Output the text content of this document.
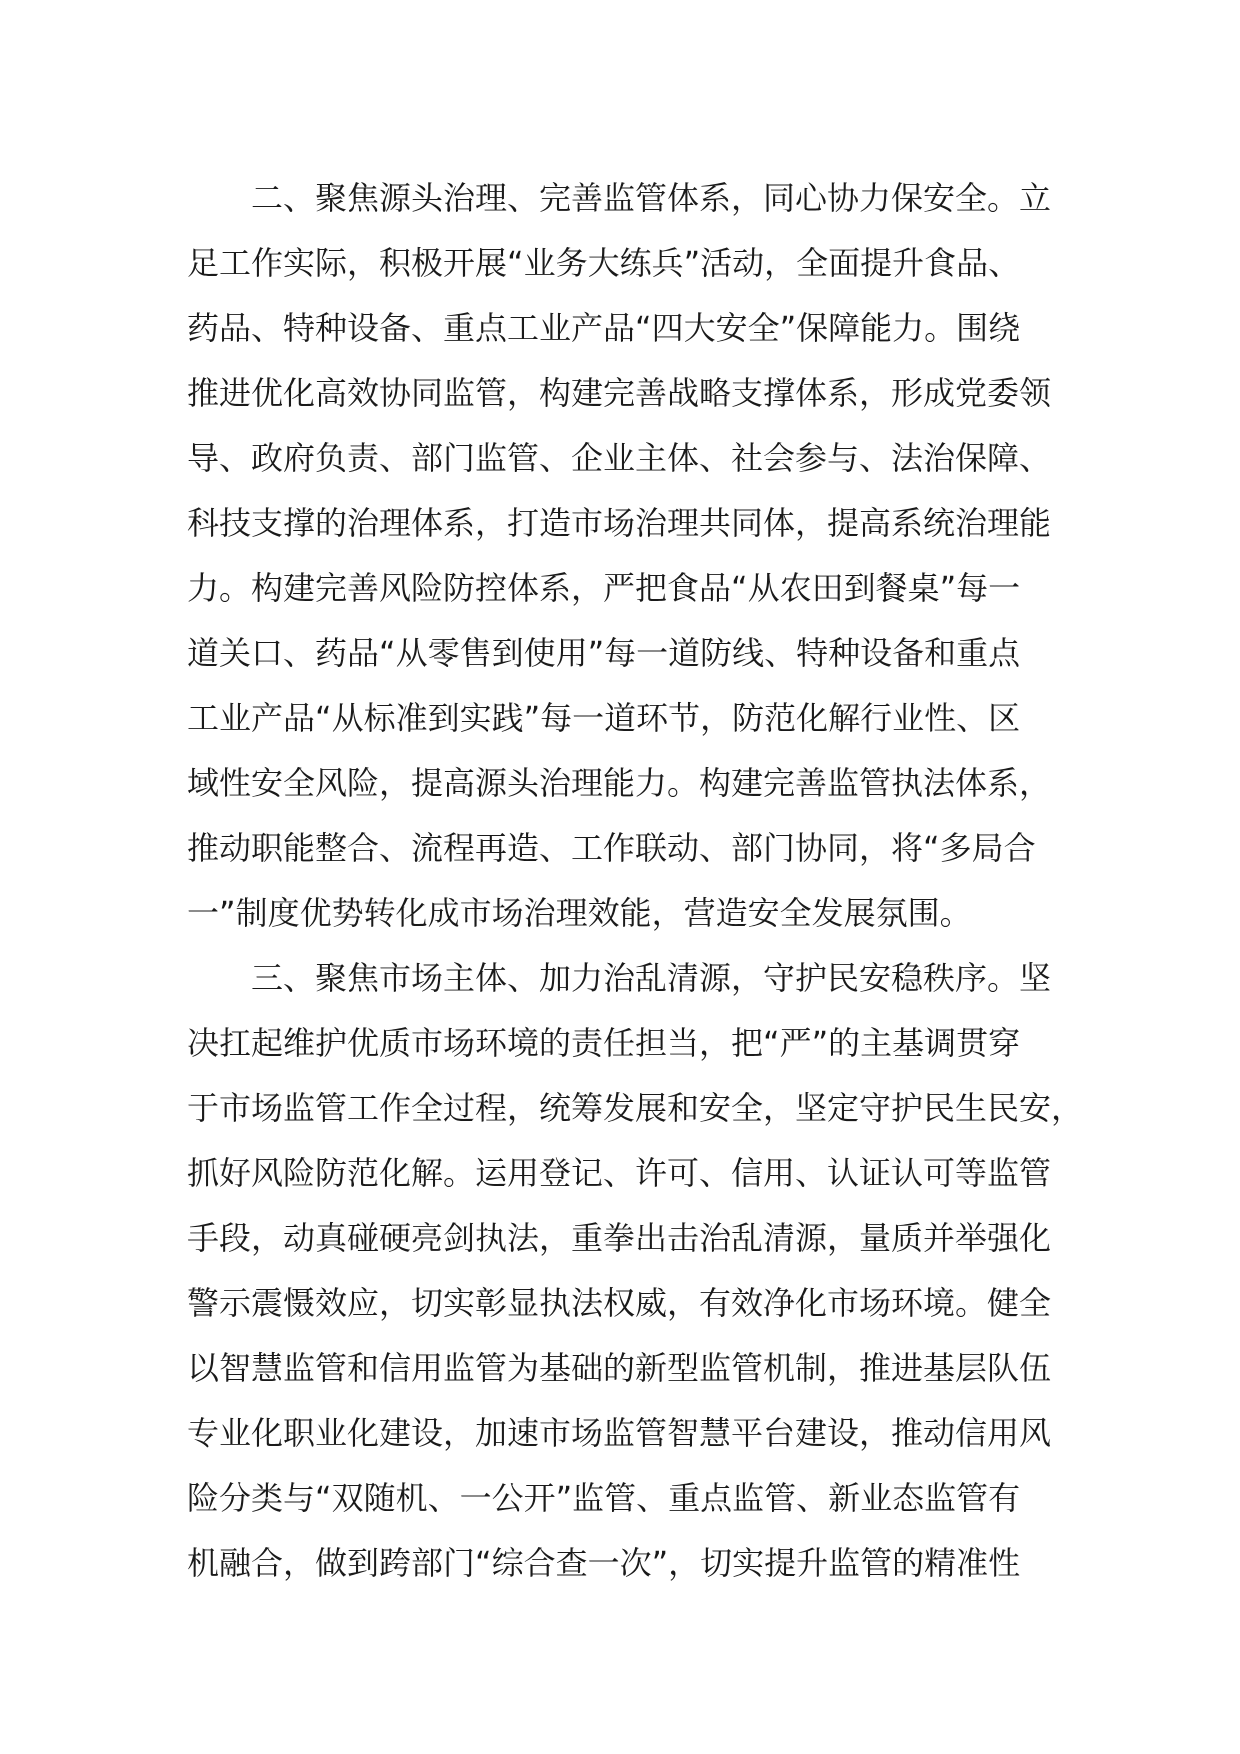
　　二、聚焦源头治理、完善监管体系，同心协力保安全。立
足工作实际，积极开展“业务大练兵”活动，全面提升食品、
药品、特种设备、重点工业产品“四大安全”保障能力。围绕
推进优化高效协同监管，构建完善战略支撑体系，形成党委领
导、政府负责、部门监管、企业主体、社会参与、法治保障、
科技支撑的治理体系，打造市场治理共同体，提高系统治理能
力。构建完善风险防控体系，严把食品“从农田到餐桌”每一
道关口、药品“从零售到使用”每一道防线、特种设备和重点
工业产品“从标准到实践”每一道环节，防范化解行业性、区
域性安全风险，提高源头治理能力。构建完善监管执法体系，
推动职能整合、流程再造、工作联动、部门协同，将“多局合
一”制度优势转化成市场治理效能，营造安全发展氛围。
　　三、聚焦市场主体、加力治乱清源，守护民安稳秩序。坚
决扛起维护优质市场环境的责任担当，把“严”的主基调贯穿
于市场监管工作全过程，统筹发展和安全，坚定守护民生民安，
抓好风险防范化解。运用登记、许可、信用、认证认可等监管
手段，动真碰硬亮剑执法，重拳出击治乱清源，量质并举强化
警示震慑效应，切实彰显执法权威，有效净化市场环境。健全
以智慧监管和信用监管为基础的新型监管机制，推进基层队伍
专业化职业化建设，加速市场监管智慧平台建设，推动信用风
险分类与“双随机、一公开”监管、重点监管、新业态监管有
机融合，做到跨部门“综合查一次”，切实提升监管的精准性
